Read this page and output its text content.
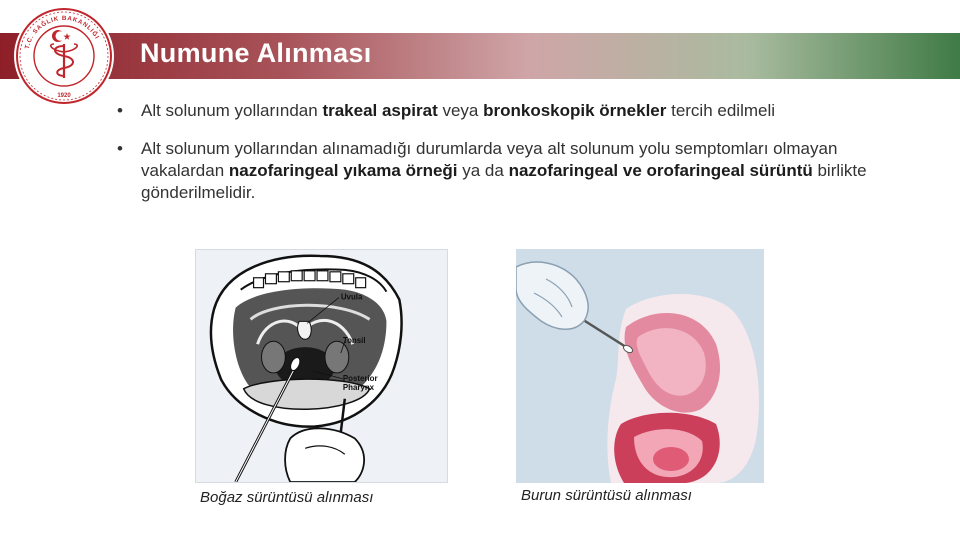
T.C. SAĞLIK BAKANLIĞI
1920
Numune Alınması
• Alt solunum yollarından trakeal aspirat veya bronkoskopik örnekler tercih edilmeli
• Alt solunum yollarından alınamadığı durumlarda veya alt solunum yolu semptomları olmayan vakalardan nazofaringeal yıkama örneği ya da nazofaringeal ve orofaringeal sürüntü birlikte gönderilmelidir.
Uvula
Tonsil
Posterior
Pharynx
Boğaz sürüntüsü alınması	Burun sürüntüsü alınması
